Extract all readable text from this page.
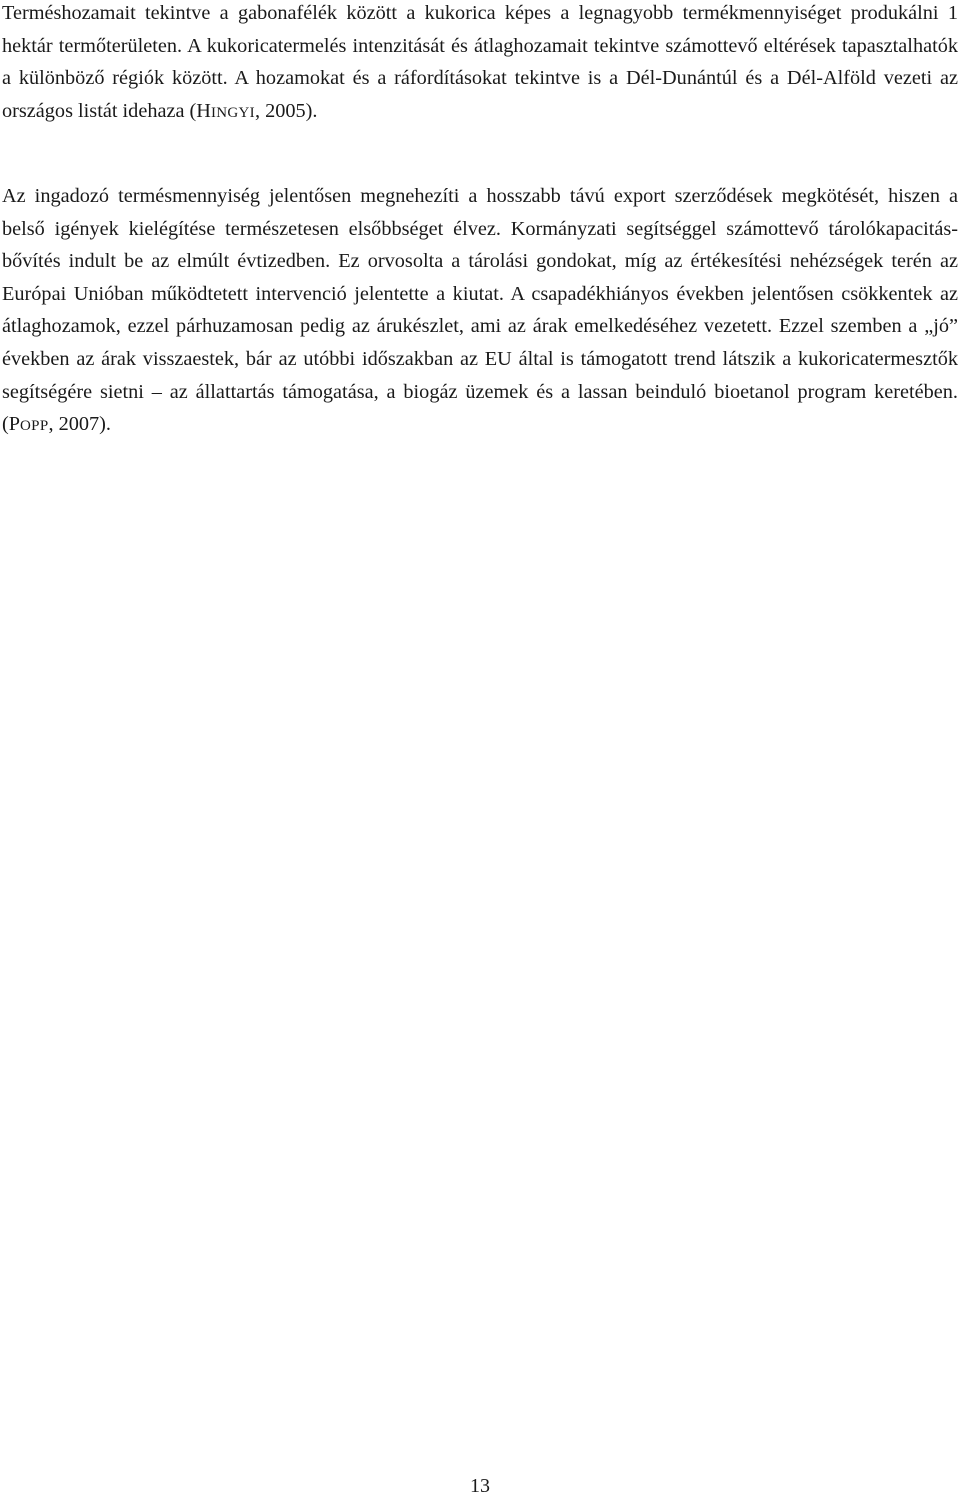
Terméshozamait tekintve a gabonafélék között a kukorica képes a legnagyobb termékmennyiséget produkálni 1 hektár termőterületen. A kukoricatermelés intenzitását és átlaghozamait tekintve számottevő eltérések tapasztalhatók a különböző régiók között. A hozamokat és a ráfordításokat tekintve is a Dél-Dunántúl és a Dél-Alföld vezeti az országos listát idehaza (HINGYI, 2005).

Az ingadozó termésmennyiség jelentősen megnehezíti a hosszabb távú export szerződések megkötését, hiszen a belső igények kielégítése természetesen elsőbbséget élvez. Kormányzati segítséggel számottevő tárolókapacitás-bővítés indult be az elmúlt évtizedben. Ez orvosolta a tárolási gondokat, míg az értékesítési nehézségek terén az Európai Unióban működtetett intervenció jelentette a kiutat. A csapadékhiányos években jelentősen csökkentek az átlaghozamok, ezzel párhuzamosan pedig az árukészlet, ami az árak emelkedéséhez vezetett. Ezzel szemben a „jó” években az árak visszaestek, bár az utóbbi időszakban az EU által is támogatott trend látszik a kukoricatermesztők segítségére sietni – az állattartás támogatása, a biogáz üzemek és a lassan beinduló bioetanol program keretében. (POPP, 2007).

13
